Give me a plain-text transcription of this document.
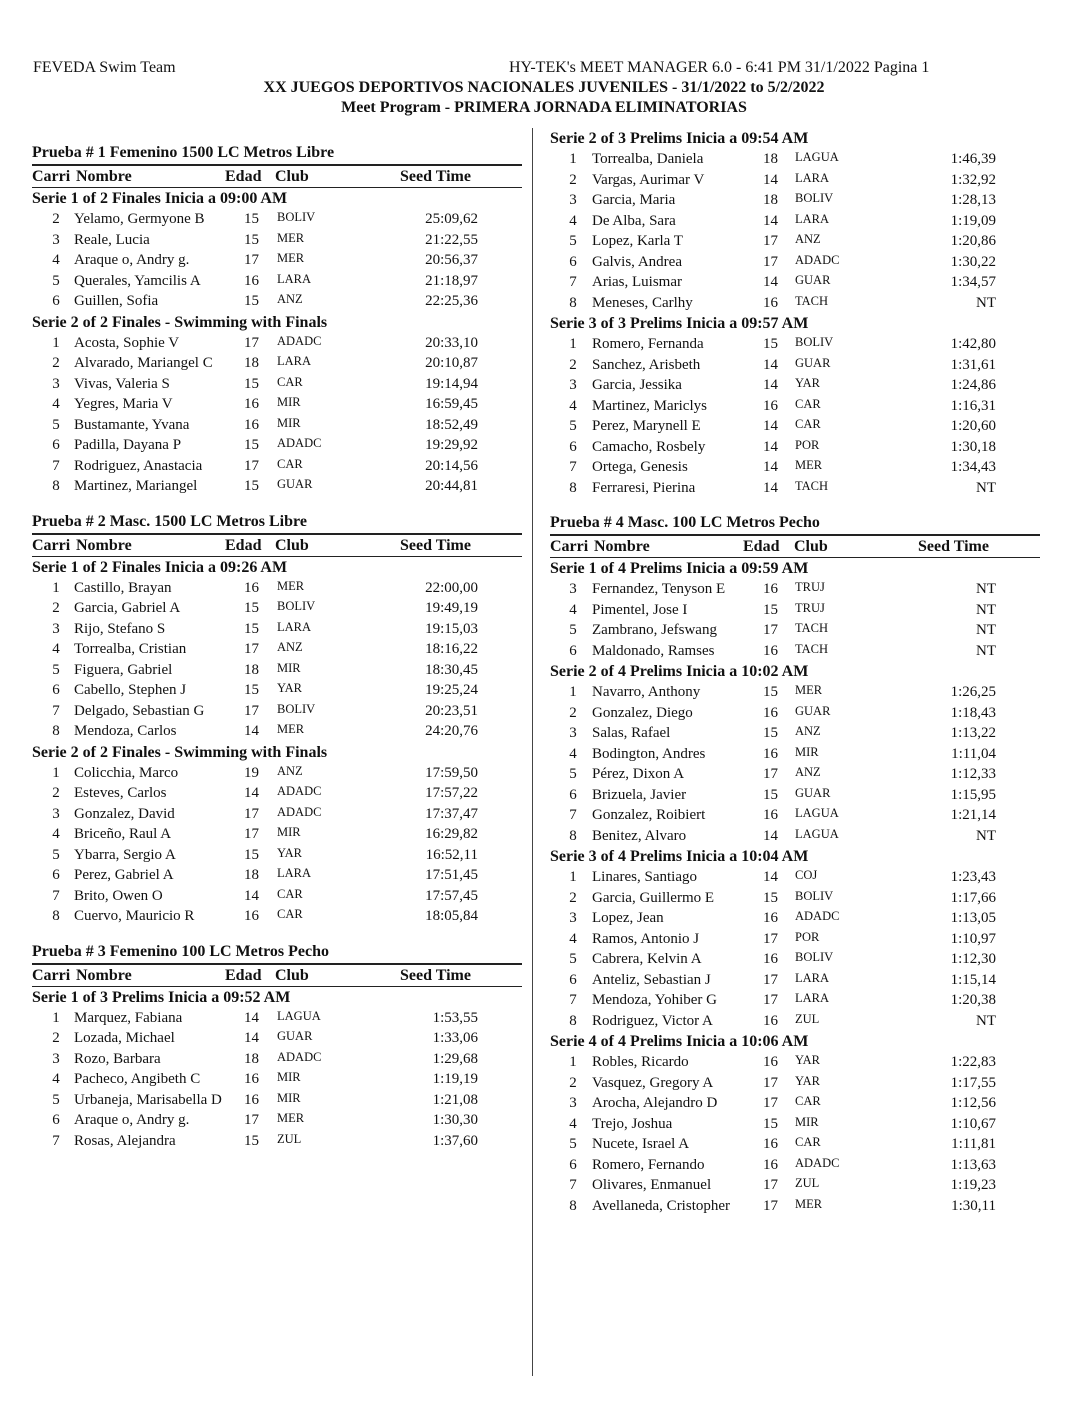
FEVEDA Swim Team	HY-TEK's MEET MANAGER 6.0 - 6:41 PM 31/1/2022 Pagina 1
XX JUEGOS DEPORTIVOS NACIONALES JUVENILES - 31/1/2022 to 5/2/2022
Meet Program - PRIMERA JORNADA ELIMINATORIAS
Prueba # 1 Femenino 1500 LC Metros Libre
Carri Nombre	Edad Club	Seed Time
Serie 1 of 2 Finales Inicia a 09:00 AM
2 Yelamo, Germyone B	15 BOLIV	25:09,62
3 Reale, Lucia	15 MER	21:22,55
4 Araque o, Andry g.	17 MER	20:56,37
5 Querales, Yamcilis A	16 LARA	21:18,97
6 Guillen, Sofia	15 ANZ	22:25,36
Serie 2 of 2 Finales - Swimming with Finals
1 Acosta, Sophie V	17 ADADC	20:33,10
2 Alvarado, Mariangel C 18 LARA	20:10,87
3 Vivas, Valeria S	15 CAR	19:14,94
4 Yegres, Maria V	16 MIR	16:59,45
5 Bustamante, Yvana	16 MIR	18:52,49
6 Padilla, Dayana P	15 ADADC	19:29,92
7 Rodriguez, Anastacia	17 CAR	20:14,56
8 Martinez, Mariangel	15 GUAR	20:44,81
Prueba # 2 Masc. 1500 LC Metros Libre
Carri Nombre	Edad Club	Seed Time
Serie 1 of 2 Finales Inicia a 09:26 AM
1 Castillo, Brayan	16 MER	22:00,00
2 Garcia, Gabriel A	15 BOLIV	19:49,19
3 Rijo, Stefano S	15 LARA	19:15,03
4 Torrealba, Cristian	17 ANZ	18:16,22
5 Figuera, Gabriel	18 MIR	18:30,45
6 Cabello, Stephen J	15 YAR	19:25,24
7 Delgado, Sebastian G	17 BOLIV	20:23,51
8 Mendoza, Carlos	14 MER	24:20,76
Serie 2 of 2 Finales - Swimming with Finals
1 Colicchia, Marco	19 ANZ	17:59,50
2 Esteves, Carlos	14 ADADC	17:57,22
3 Gonzalez, David	17 ADADC	17:37,47
4 Briceño, Raul A	17 MIR	16:29,82
5 Ybarra, Sergio A	15 YAR	16:52,11
6 Perez, Gabriel A	18 LARA	17:51,45
7 Brito, Owen O	14 CAR	17:57,45
8 Cuervo, Mauricio R	16 CAR	18:05,84
Prueba # 3 Femenino 100 LC Metros Pecho
Carri Nombre	Edad Club	Seed Time
Serie 1 of 3 Prelims Inicia a 09:52 AM
1 Marquez, Fabiana	14 LAGUA	1:53,55
2 Lozada, Michael	14 GUAR	1:33,06
3 Rozo, Barbara	18 ADADC	1:29,68
4 Pacheco, Angibeth C	16 MIR	1:19,19
5 Urbaneja, Marisabella D 16 MIR	1:21,08
6 Araque o, Andry g.	17 MER	1:30,30
7 Rosas, Alejandra	15 ZUL	1:37,60
Serie 2 of 3 Prelims Inicia a 09:54 AM
1	Torrealba, Daniela	18 LAGUA	1:46,39
2	Vargas, Aurimar V	14 LARA	1:32,92
3	Garcia, Maria	18 BOLIV	1:28,13
4	De Alba, Sara	14 LARA	1:19,09
5	Lopez, Karla T	17 ANZ	1:20,86
6	Galvis, Andrea	17 ADADC	1:30,22
7	Arias, Luismar	14 GUAR	1:34,57
8	Meneses, Carlhy	16 TACH	NT
Serie 3 of 3 Prelims Inicia a 09:57 AM
1	Romero, Fernanda	15 BOLIV	1:42,80
2	Sanchez, Arisbeth	14 GUAR	1:31,61
3	Garcia, Jessika	14 YAR	1:24,86
4	Martinez, Mariclys	16 CAR	1:16,31
5	Perez, Marynell E	14 CAR	1:20,60
6	Camacho, Rosbely	14 POR	1:30,18
7	Ortega, Genesis	14 MER	1:34,43
8	Ferraresi, Pierina	14 TACH	NT
Prueba # 4 Masc. 100 LC Metros Pecho
Carri Nombre	Edad Club	Seed Time
Serie 1 of 4 Prelims Inicia a 09:59 AM
3	Fernandez, Tenyson E	16 TRUJ	NT
4	Pimentel, Jose I	15 TRUJ	NT
5	Zambrano, Jefswang	17 TACH	NT
6	Maldonado, Ramses	16 TACH	NT
Serie 2 of 4 Prelims Inicia a 10:02 AM
1	Navarro, Anthony	15 MER	1:26,25
2	Gonzalez, Diego	16 GUAR	1:18,43
3	Salas, Rafael	15 ANZ	1:13,22
4	Bodington, Andres	16 MIR	1:11,04
5	Pérez, Dixon A	17 ANZ	1:12,33
6	Brizuela, Javier	15 GUAR	1:15,95
7	Gonzalez, Roibiert	16 LAGUA	1:21,14
8	Benitez, Alvaro	14 LAGUA	NT
Serie 3 of 4 Prelims Inicia a 10:04 AM
1	Linares, Santiago	14 COJ	1:23,43
2	Garcia, Guillermo E	15 BOLIV	1:17,66
3	Lopez, Jean	16 ADADC	1:13,05
4	Ramos, Antonio J	17 POR	1:10,97
5	Cabrera, Kelvin A	16 BOLIV	1:12,30
6	Anteliz, Sebastian J	17 LARA	1:15,14
7	Mendoza, Yohiber G	17 LARA	1:20,38
8	Rodriguez, Victor A	16 ZUL	NT
Serie 4 of 4 Prelims Inicia a 10:06 AM
1	Robles, Ricardo	16 YAR	1:22,83
2	Vasquez, Gregory A	17 YAR	1:17,55
3	Arocha, Alejandro D	17 CAR	1:12,56
4	Trejo, Joshua	15 MIR	1:10,67
5	Nucete, Israel A	16 CAR	1:11,81
6	Romero, Fernando	16 ADADC	1:13,63
7	Olivares, Enmanuel	17 ZUL	1:19,23
8	Avellaneda, Cristopher 17 MER	1:30,11
